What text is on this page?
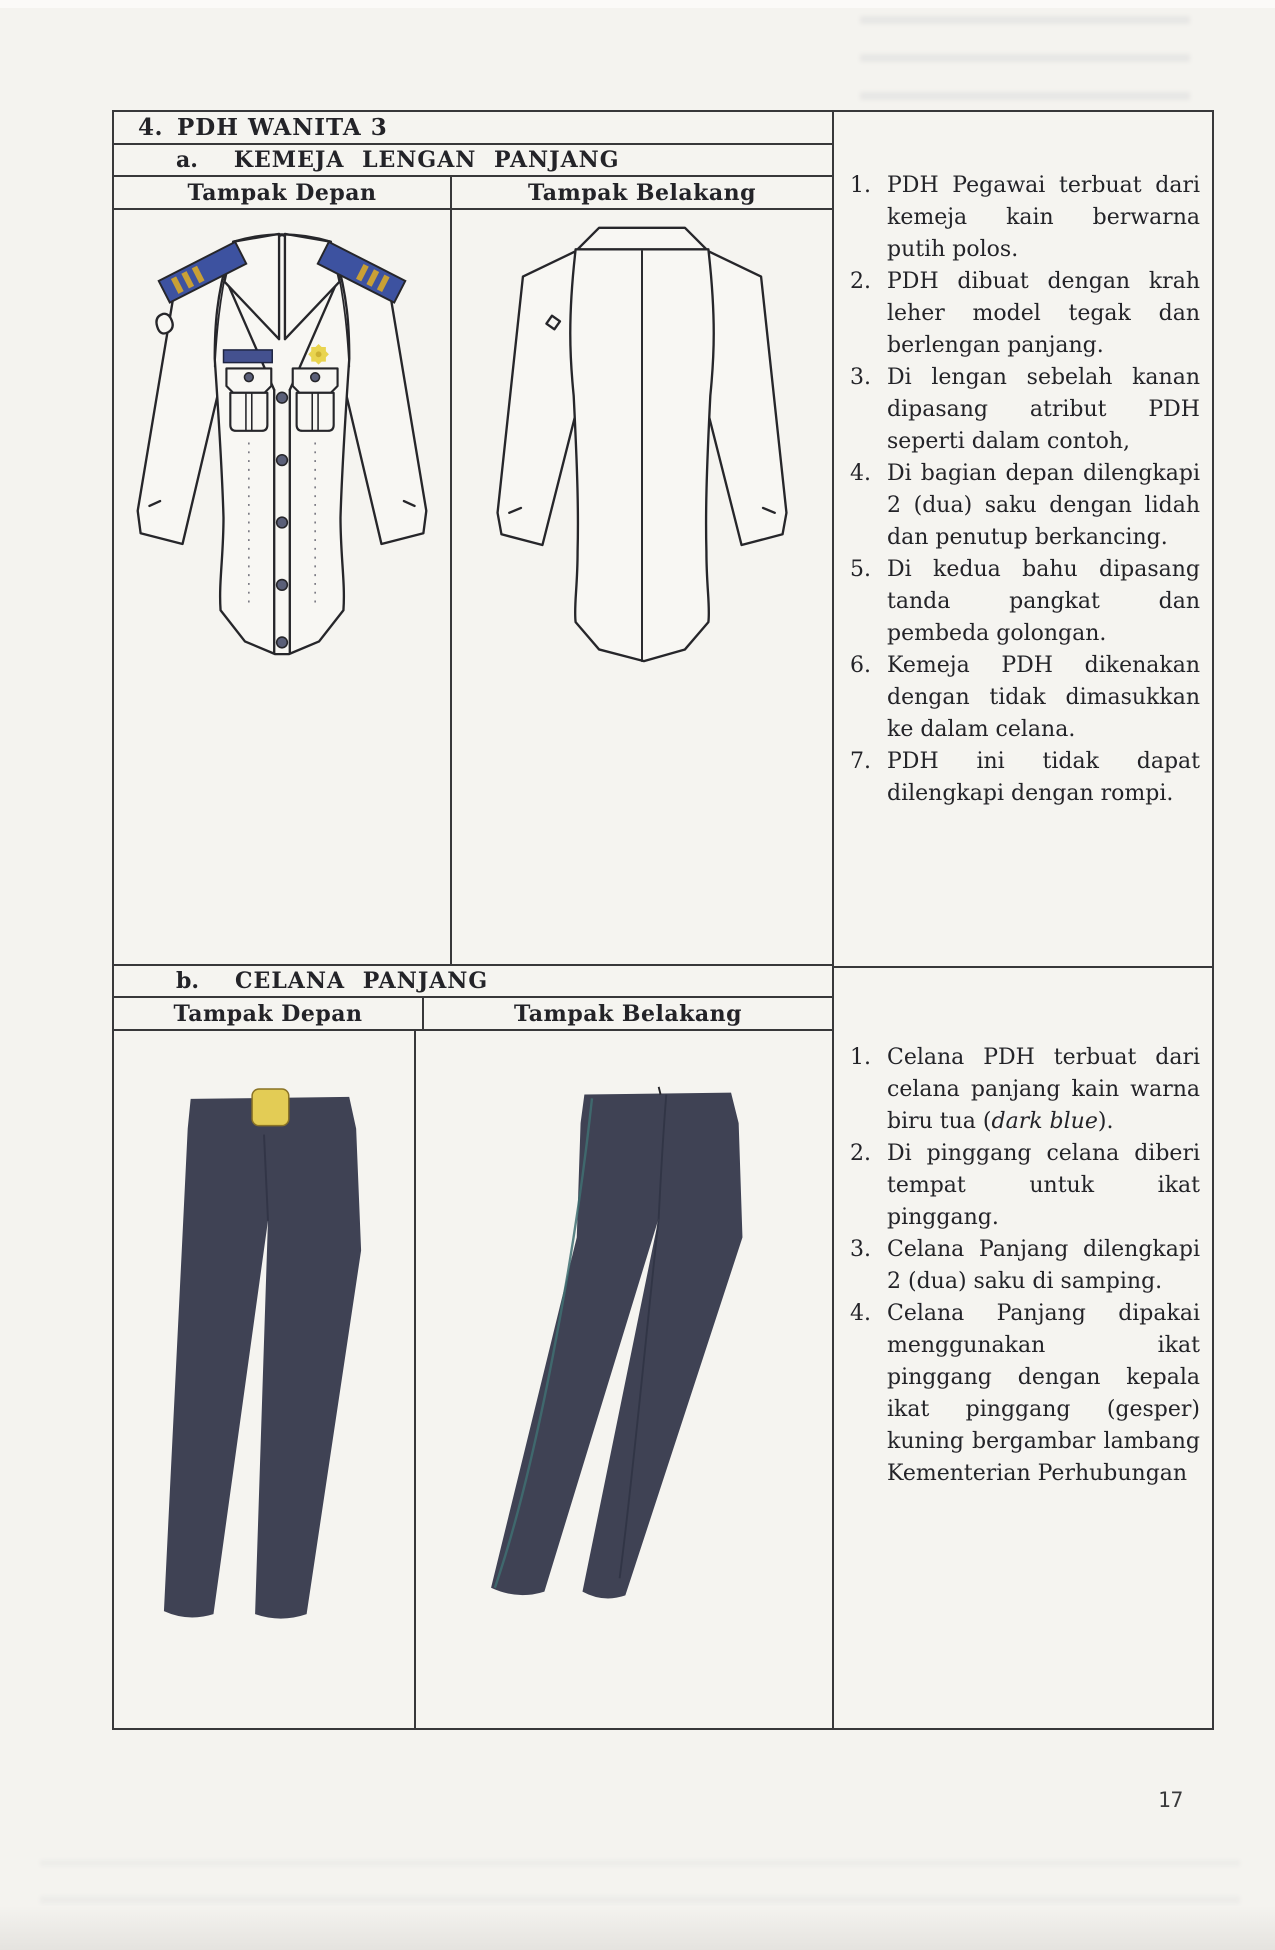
4. PDH WANITA 3
a. KEMEJA LENGAN PANJANG
Tampak Depan	Tampak Belakang
b. CELANA PANJANG
Tampak Depan	Tampak Belakang
1. PDH Pegawai terbuat dari kemeja kain berwarna putih polos.
2. PDH dibuat dengan krah leher model tegak dan berlengan panjang.
3. Di lengan sebelah kanan dipasang atribut PDH seperti dalam contoh,
4. Di bagian depan dilengkapi 2 (dua) saku dengan lidah dan penutup berkancing.
5. Di kedua bahu dipasang tanda pangkat dan pembeda golongan.
6. Kemeja PDH dikenakan dengan tidak dimasukkan ke dalam celana.
7. PDH ini tidak dapat dilengkapi dengan rompi.
1. Celana PDH terbuat dari celana panjang kain warna biru tua (dark blue).
2. Di pinggang celana diberi tempat untuk ikat pinggang.
3. Celana Panjang dilengkapi 2 (dua) saku di samping.
4. Celana Panjang dipakai menggunakan ikat pinggang dengan kepala ikat pinggang (gesper) kuning bergambar lambang Kementerian Perhubungan
17
